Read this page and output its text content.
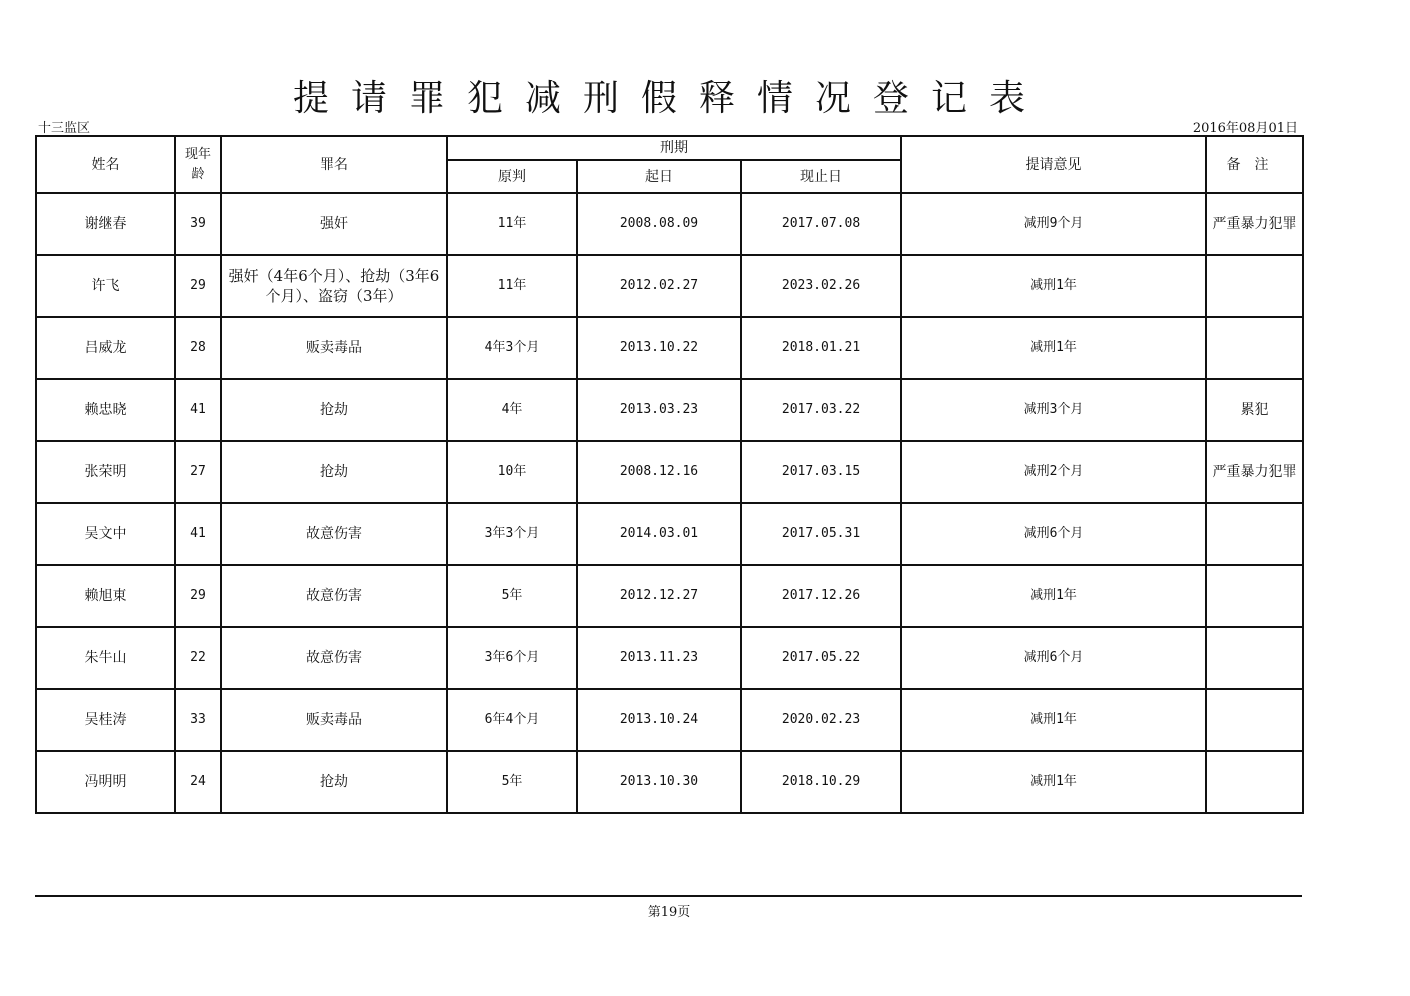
提请罪犯减刑假释情况登记表
十三监区	2016年08月01日
姓名	现年龄	罪名	刑期			提请意见	备注
			原判	起日	现止日		
谢继春	39	强奸	11年	2008.08.09	2017.07.08	减刑9个月	严重暴力犯罪
许飞	29	强奸（4年6个月）、抢劫（3年6个月）、盗窃（3年）	11年	2012.02.27	2023.02.26	减刑1年	
吕威龙	28	贩卖毒品	4年3个月	2013.10.22	2018.01.21	减刑1年	
赖忠晓	41	抢劫	4年	2013.03.23	2017.03.22	减刑3个月	累犯
张荣明	27	抢劫	10年	2008.12.16	2017.03.15	减刑2个月	严重暴力犯罪
吴文中	41	故意伤害	3年3个月	2014.03.01	2017.05.31	减刑6个月	
赖旭東	29	故意伤害	5年	2012.12.27	2017.12.26	减刑1年	
朱牛山	22	故意伤害	3年6个月	2013.11.23	2017.05.22	减刑6个月	
吴桂涛	33	贩卖毒品	6年4个月	2013.10.24	2020.02.23	减刑1年	
冯明明	24	抢劫	5年	2013.10.30	2018.10.29	减刑1年	
第19页
